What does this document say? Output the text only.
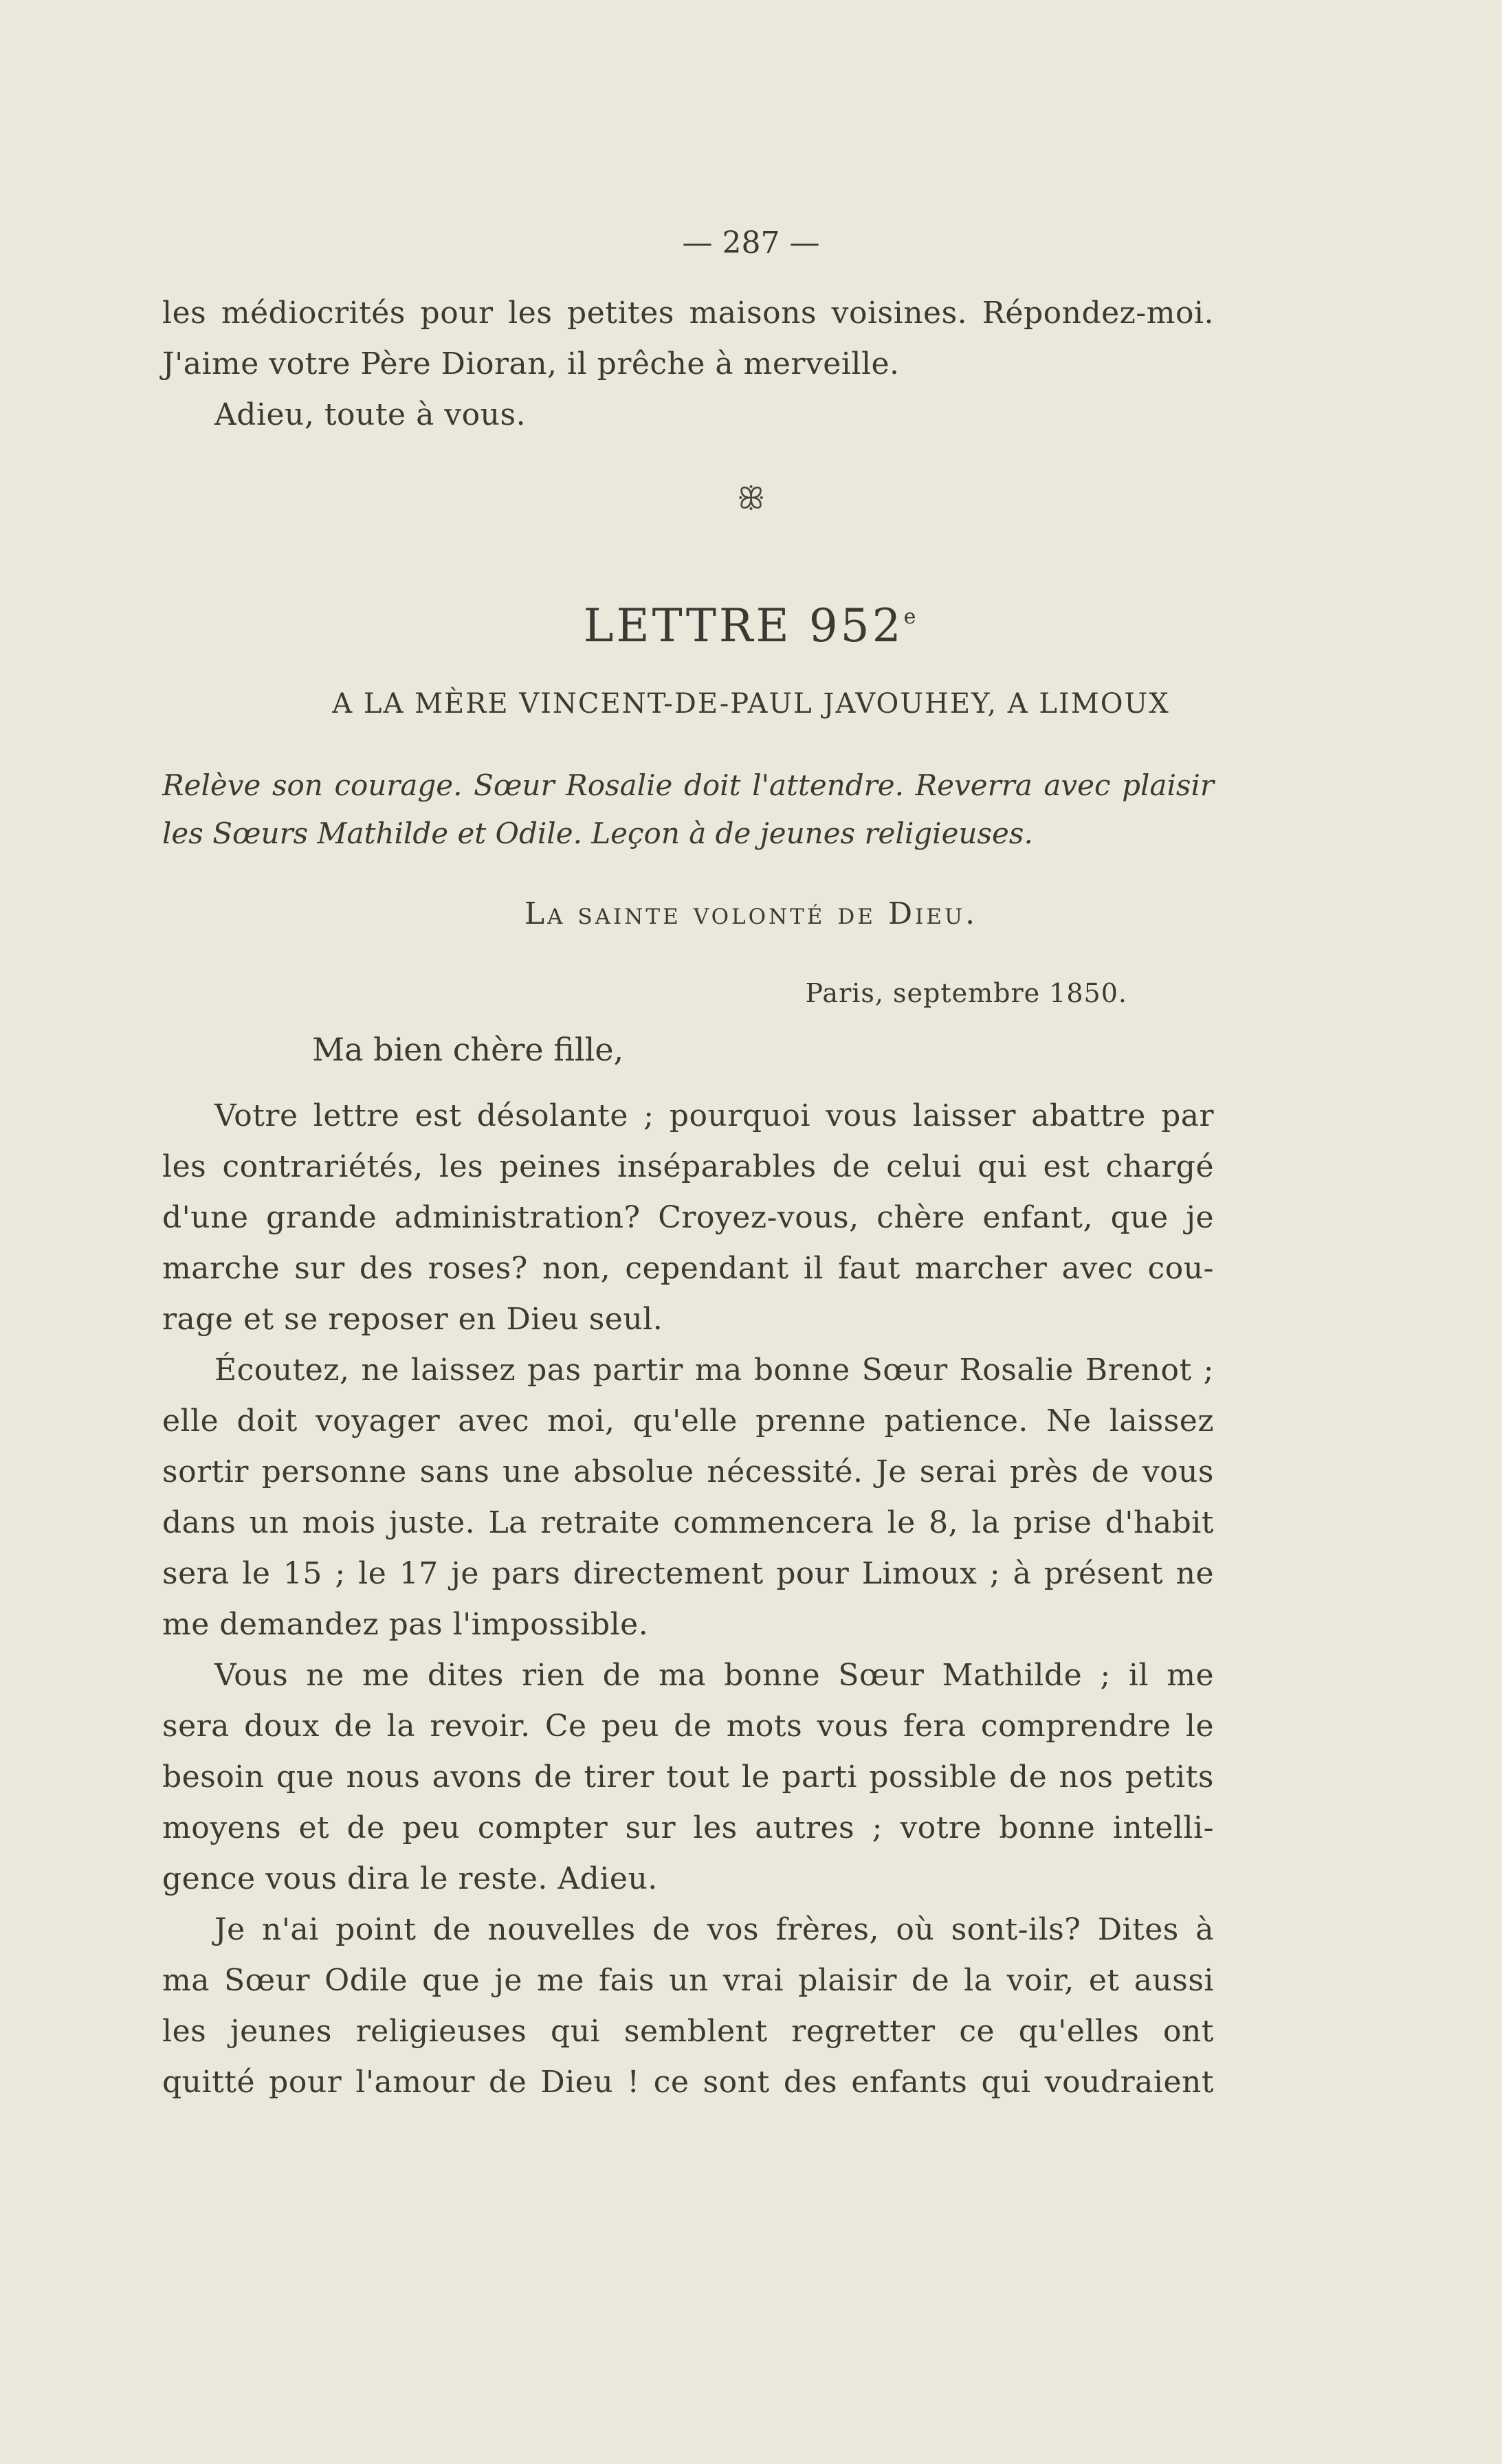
— 287 —
les médiocrités pour les petites maisons voisines. Répondez-moi.
J'aime votre Père Dioran, il prêche à merveille.
Adieu, toute à vous.
ꕥ
LETTRE 952e
A LA MÈRE VINCENT-DE-PAUL JAVOUHEY, A LIMOUX
Relève son courage. Sœur Rosalie doit l'attendre. Reverra avec plaisir
les Sœurs Mathilde et Odile. Leçon à de jeunes religieuses.
La sainte volonté de Dieu.
Paris, septembre 1850.
Ma bien chère fille,
Votre lettre est désolante ; pourquoi vous laisser abattre par
les contrariétés, les peines inséparables de celui qui est chargé
d'une grande administration? Croyez-vous, chère enfant, que je
marche sur des roses? non, cependant il faut marcher avec cou-
rage et se reposer en Dieu seul.
Écoutez, ne laissez pas partir ma bonne Sœur Rosalie Brenot ;
elle doit voyager avec moi, qu'elle prenne patience. Ne laissez
sortir personne sans une absolue nécessité. Je serai près de vous
dans un mois juste. La retraite commencera le 8, la prise d'habit
sera le 15 ; le 17 je pars directement pour Limoux ; à présent ne
me demandez pas l'impossible.
Vous ne me dites rien de ma bonne Sœur Mathilde ; il me
sera doux de la revoir. Ce peu de mots vous fera comprendre le
besoin que nous avons de tirer tout le parti possible de nos petits
moyens et de peu compter sur les autres ; votre bonne intelli-
gence vous dira le reste. Adieu.
Je n'ai point de nouvelles de vos frères, où sont-ils? Dites à
ma Sœur Odile que je me fais un vrai plaisir de la voir, et aussi
les jeunes religieuses qui semblent regretter ce qu'elles ont
quitté pour l'amour de Dieu ! ce sont des enfants qui voudraient
